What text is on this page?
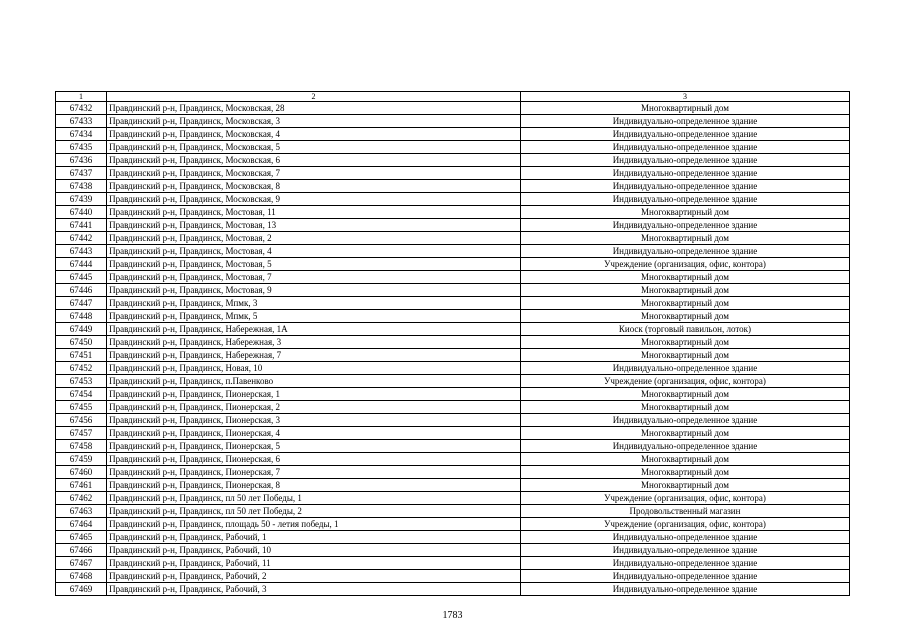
1	2	3
67432	Правдинский р-н, Правдинск, Московская, 28	Многоквартирный дом
67433	Правдинский р-н, Правдинск, Московская, 3	Индивидуально-определенное здание
67434	Правдинский р-н, Правдинск, Московская, 4	Индивидуально-определенное здание
67435	Правдинский р-н, Правдинск, Московская, 5	Индивидуально-определенное здание
67436	Правдинский р-н, Правдинск, Московская, 6	Индивидуально-определенное здание
67437	Правдинский р-н, Правдинск, Московская, 7	Индивидуально-определенное здание
67438	Правдинский р-н, Правдинск, Московская, 8	Индивидуально-определенное здание
67439	Правдинский р-н, Правдинск, Московская, 9	Индивидуально-определенное здание
67440	Правдинский р-н, Правдинск, Мостовая, 11	Многоквартирный дом
67441	Правдинский р-н, Правдинск, Мостовая, 13	Индивидуально-определенное здание
67442	Правдинский р-н, Правдинск, Мостовая, 2	Многоквартирный дом
67443	Правдинский р-н, Правдинск, Мостовая, 4	Индивидуально-определенное здание
67444	Правдинский р-н, Правдинск, Мостовая, 5	Учреждение (организация, офис, контора)
67445	Правдинский р-н, Правдинск, Мостовая, 7	Многоквартирный дом
67446	Правдинский р-н, Правдинск, Мостовая, 9	Многоквартирный дом
67447	Правдинский р-н, Правдинск, Мпмк, 3	Многоквартирный дом
67448	Правдинский р-н, Правдинск, Мпмк, 5	Многоквартирный дом
67449	Правдинский р-н, Правдинск, Набережная, 1А	Киоск (торговый павильон, лоток)
67450	Правдинский р-н, Правдинск, Набережная, 3	Многоквартирный дом
67451	Правдинский р-н, Правдинск, Набережная, 7	Многоквартирный дом
67452	Правдинский р-н, Правдинск, Новая, 10	Индивидуально-определенное здание
67453	Правдинский р-н, Правдинск, п.Павенково	Учреждение (организация, офис, контора)
67454	Правдинский р-н, Правдинск, Пионерская, 1	Многоквартирный дом
67455	Правдинский р-н, Правдинск, Пионерская, 2	Многоквартирный дом
67456	Правдинский р-н, Правдинск, Пионерская, 3	Индивидуально-определенное здание
67457	Правдинский р-н, Правдинск, Пионерская, 4	Многоквартирный дом
67458	Правдинский р-н, Правдинск, Пионерская, 5	Индивидуально-определенное здание
67459	Правдинский р-н, Правдинск, Пионерская, 6	Многоквартирный дом
67460	Правдинский р-н, Правдинск, Пионерская, 7	Многоквартирный дом
67461	Правдинский р-н, Правдинск, Пионерская, 8	Многоквартирный дом
67462	Правдинский р-н, Правдинск, пл 50 лет Победы, 1	Учреждение (организация, офис, контора)
67463	Правдинский р-н, Правдинск, пл 50 лет Победы, 2	Продовольственный магазин
67464	Правдинский р-н, Правдинск, площадь 50 - летия победы, 1	Учреждение (организация, офис, контора)
67465	Правдинский р-н, Правдинск, Рабочий, 1	Индивидуально-определенное здание
67466	Правдинский р-н, Правдинск, Рабочий, 10	Индивидуально-определенное здание
67467	Правдинский р-н, Правдинск, Рабочий, 11	Индивидуально-определенное здание
67468	Правдинский р-н, Правдинск, Рабочий, 2	Индивидуально-определенное здание
67469	Правдинский р-н, Правдинск, Рабочий, 3	Индивидуально-определенное здание
1783
